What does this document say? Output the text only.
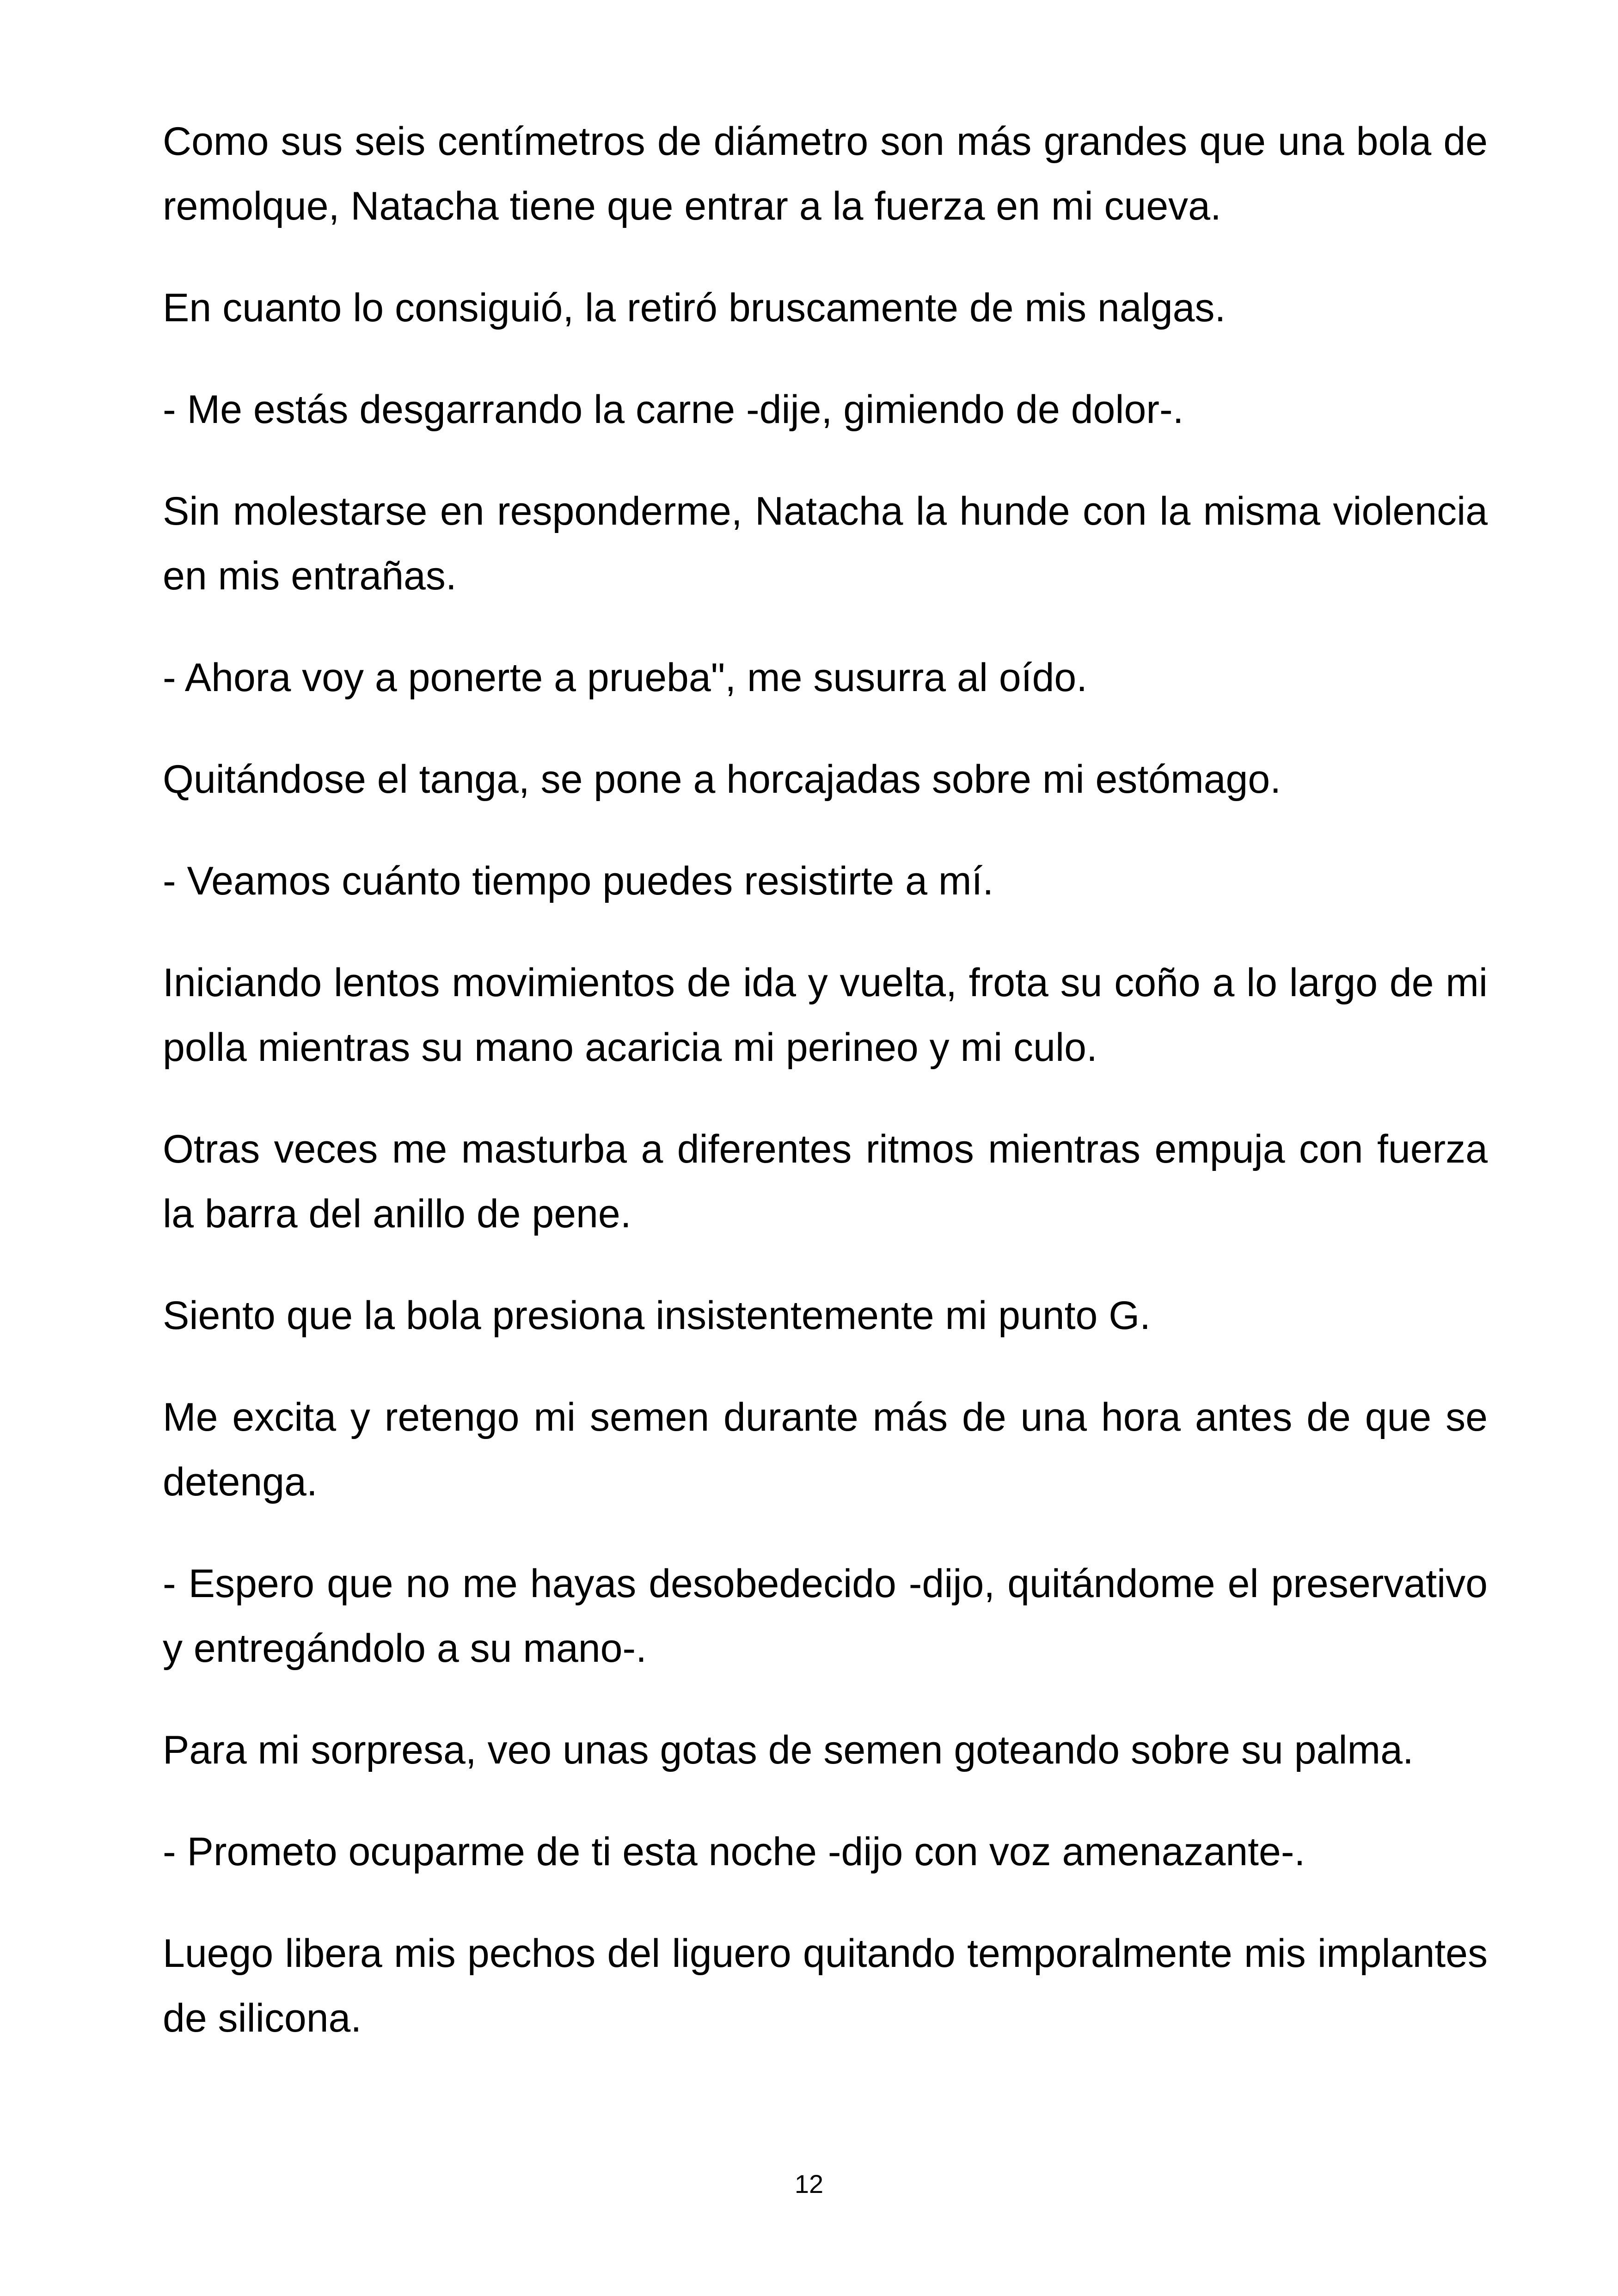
Como sus seis centímetros de diámetro son más grandes que una bola de remolque, Natacha tiene que entrar a la fuerza en mi cueva.

En cuanto lo consiguió, la retiró bruscamente de mis nalgas.

- Me estás desgarrando la carne -dije, gimiendo de dolor-.

Sin molestarse en responderme, Natacha la hunde con la misma violencia en mis entrañas.

- Ahora voy a ponerte a prueba", me susurra al oído.

Quitándose el tanga, se pone a horcajadas sobre mi estómago.

- Veamos cuánto tiempo puedes resistirte a mí.

Iniciando lentos movimientos de ida y vuelta, frota su coño a lo largo de mi polla mientras su mano acaricia mi perineo y mi culo.

Otras veces me masturba a diferentes ritmos mientras empuja con fuerza la barra del anillo de pene.

Siento que la bola presiona insistentemente mi punto G.

Me excita y retengo mi semen durante más de una hora antes de que se detenga.

- Espero que no me hayas desobedecido -dijo, quitándome el preservativo y entregándolo a su mano-.

Para mi sorpresa, veo unas gotas de semen goteando sobre su palma.

- Prometo ocuparme de ti esta noche -dijo con voz amenazante-.

Luego libera mis pechos del liguero quitando temporalmente mis implantes de silicona.

12
